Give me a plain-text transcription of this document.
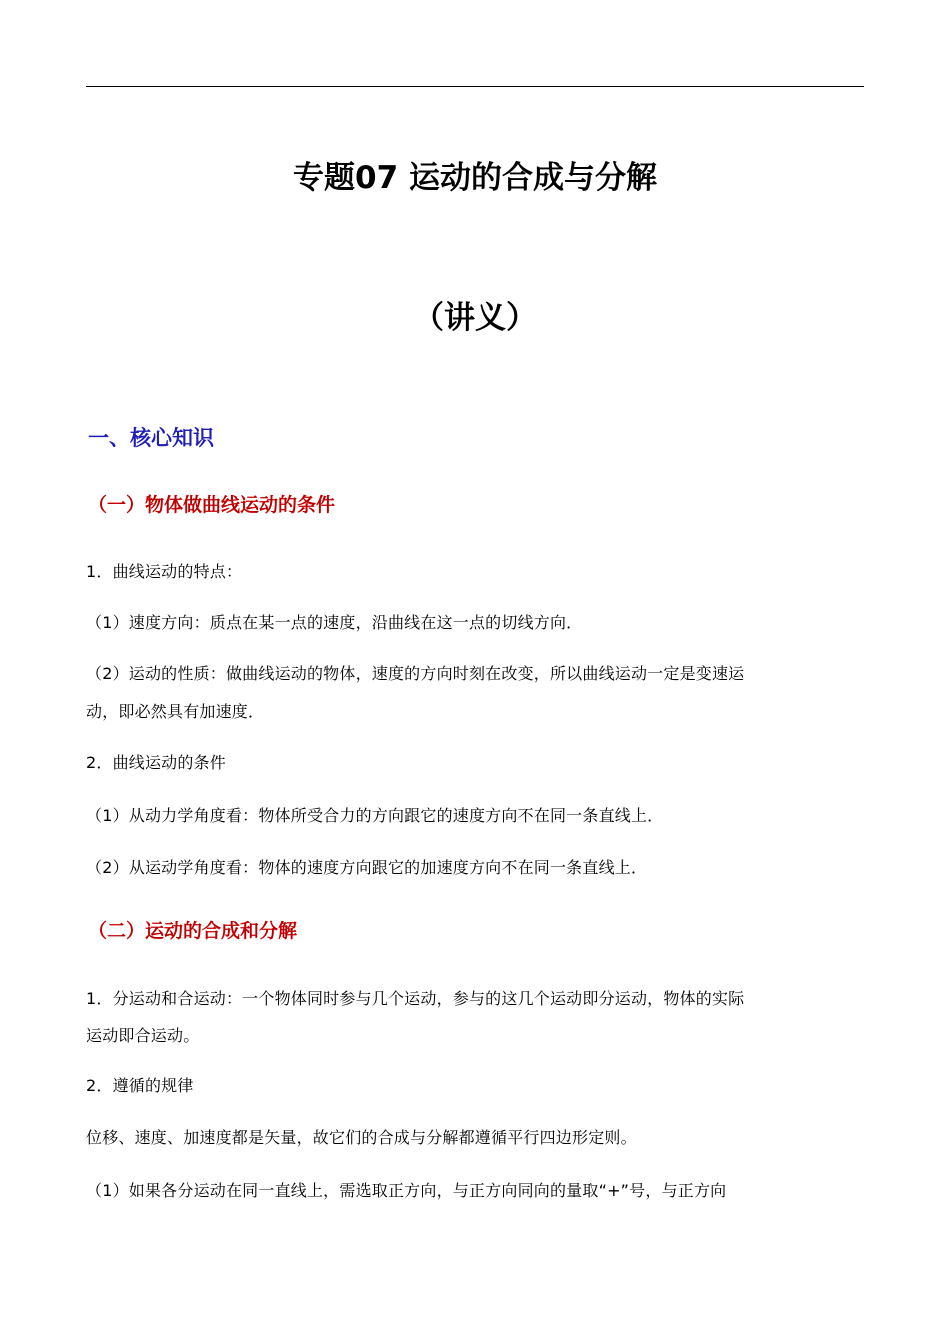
专题07 运动的合成与分解
（讲义）
一、核心知识
（一）物体做曲线运动的条件
1．曲线运动的特点：
（1）速度方向：质点在某一点的速度，沿曲线在这一点的切线方向．
（2）运动的性质：做曲线运动的物体，速度的方向时刻在改变，所以曲线运动一定是变速运
动，即必然具有加速度．
2．曲线运动的条件
（1）从动力学角度看：物体所受合力的方向跟它的速度方向不在同一条直线上．
（2）从运动学角度看：物体的速度方向跟它的加速度方向不在同一条直线上．
（二）运动的合成和分解
1．分运动和合运动：一个物体同时参与几个运动，参与的这几个运动即分运动，物体的实际
运动即合运动。
2．遵循的规律
位移、速度、加速度都是矢量，故它们的合成与分解都遵循平行四边形定则。
（1）如果各分运动在同一直线上，需选取正方向，与正方向同向的量取“+”号，与正方向
